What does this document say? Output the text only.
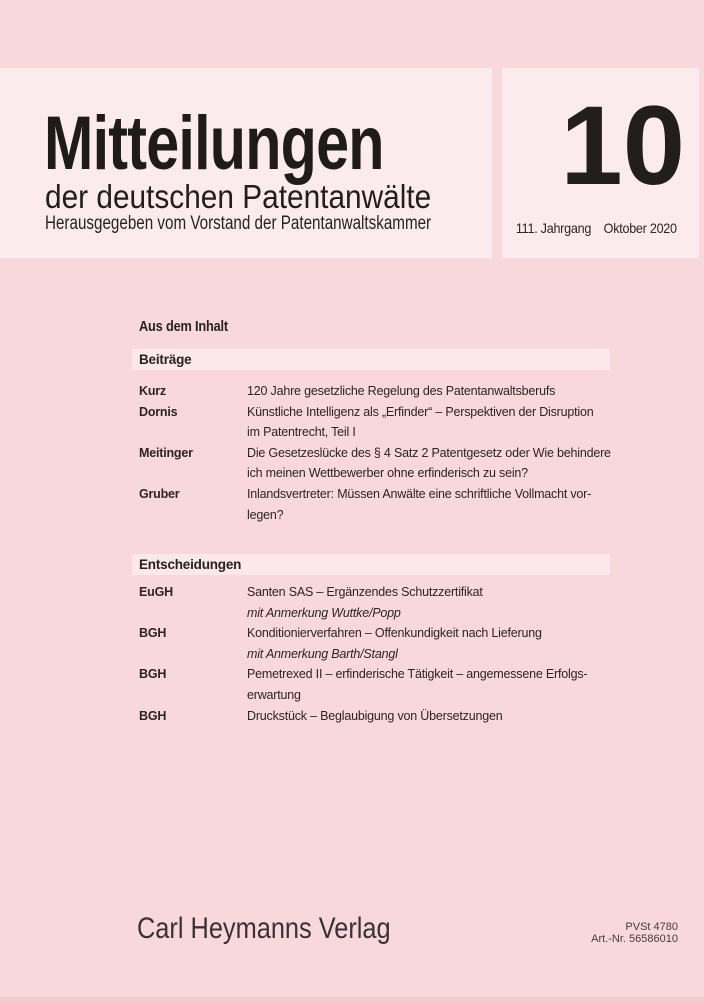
Mitteilungen
der deutschen Patentanwälte
Herausgegeben vom Vorstand der Patentanwaltskammer
10
111. Jahrgang Oktober 2020
Aus dem Inhalt
Beiträge
Kurz	120 Jahre gesetzliche Regelung des Patentanwaltsberufs
Dornis	Künstliche Intelligenz als „Erfinder“ – Perspektiven der Disruption
im Patentrecht, Teil I
Meitinger	Die Gesetzeslücke des § 4 Satz 2 Patentgesetz oder Wie behindere
ich meinen Wettbewerber ohne erfinderisch zu sein?
Gruber	Inlandsvertreter: Müssen Anwälte eine schriftliche Vollmacht vor-
legen?
Entscheidungen
EuGH	Santen SAS – Ergänzendes Schutzzertifikat
mit Anmerkung Wuttke/Popp
BGH	Konditionierverfahren – Offenkundigkeit nach Lieferung
mit Anmerkung Barth/Stangl
BGH	Pemetrexed II – erfinderische Tätigkeit – angemessene Erfolgs-
erwartung
BGH	Druckstück – Beglaubigung von Übersetzungen
Carl Heymanns Verlag	PVSt 4780
Art.-Nr. 56586010
